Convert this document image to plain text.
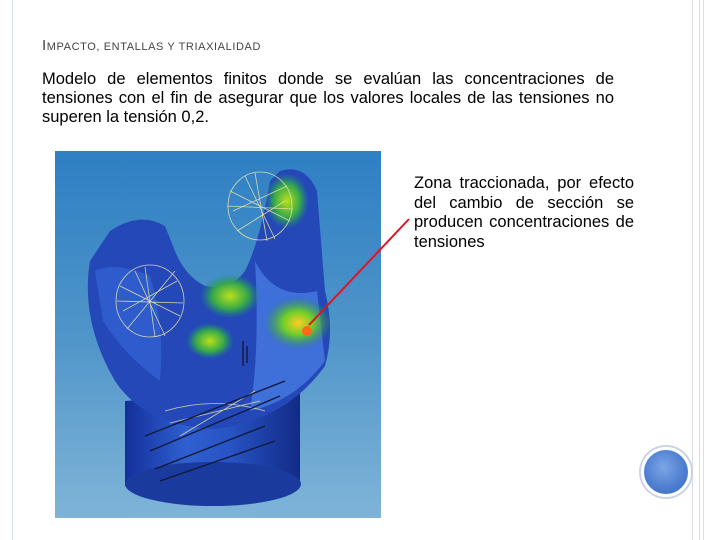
IMPACTO, ENTALLAS Y TRIAXIALIDAD
Modelo de elementos finitos donde se evalúan las concentraciones de tensiones con el fin de asegurar que los valores locales de las tensiones no superen la tensión 0,2.
Zona traccionada, por efecto del cambio de sección se producen concentraciones de tensiones
